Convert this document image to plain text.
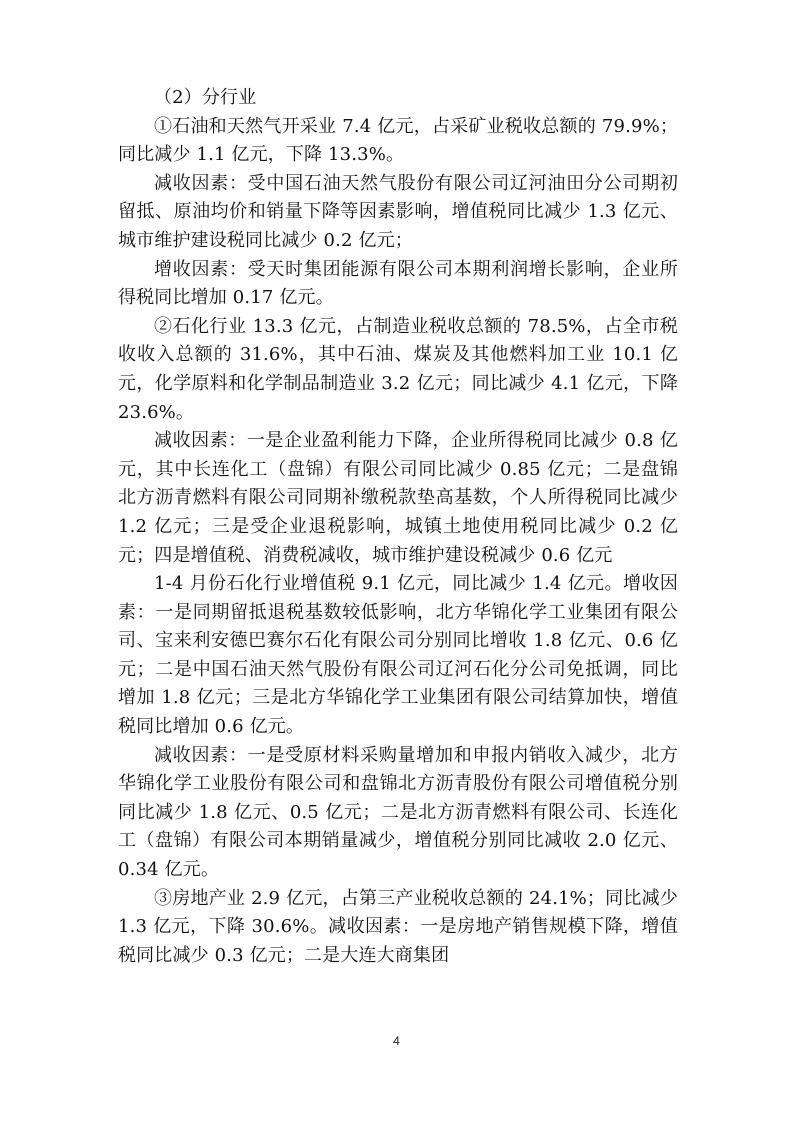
（2）分行业

①石油和天然气开采业 7.4 亿元，占采矿业税收总额的 79.9%；同比减少 1.1 亿元，下降 13.3%。

减收因素：受中国石油天然气股份有限公司辽河油田分公司期初留抵、原油均价和销量下降等因素影响，增值税同比减少 1.3 亿元、城市维护建设税同比减少 0.2 亿元；

增收因素：受天时集团能源有限公司本期利润增长影响，企业所得税同比增加 0.17 亿元。

②石化行业 13.3 亿元，占制造业税收总额的 78.5%，占全市税收收入总额的 31.6%，其中石油、煤炭及其他燃料加工业 10.1 亿元，化学原料和化学制品制造业 3.2 亿元；同比减少 4.1 亿元，下降 23.6%。

减收因素：一是企业盈利能力下降，企业所得税同比减少 0.8 亿元，其中长连化工（盘锦）有限公司同比减少 0.85 亿元；二是盘锦北方沥青燃料有限公司同期补缴税款垫高基数，个人所得税同比减少 1.2 亿元；三是受企业退税影响，城镇土地使用税同比减少 0.2 亿元；四是增值税、消费税减收，城市维护建设税减少 0.6 亿元

1-4 月份石化行业增值税 9.1 亿元，同比减少 1.4 亿元。增收因素：一是同期留抵退税基数较低影响，北方华锦化学工业集团有限公司、宝来利安德巴赛尔石化有限公司分别同比增收 1.8 亿元、0.6 亿元；二是中国石油天然气股份有限公司辽河石化分公司免抵调，同比增加 1.8 亿元；三是北方华锦化学工业集团有限公司结算加快，增值税同比增加 0.6 亿元。

减收因素：一是受原材料采购量增加和申报内销收入减少，北方华锦化学工业股份有限公司和盘锦北方沥青股份有限公司增值税分别同比减少 1.8 亿元、0.5 亿元；二是北方沥青燃料有限公司、长连化工（盘锦）有限公司本期销量减少，增值税分别同比减收 2.0 亿元、0.34 亿元。

③房地产业 2.9 亿元，占第三产业税收总额的 24.1%；同比减少 1.3 亿元，下降 30.6%。减收因素：一是房地产销售规模下降，增值税同比减少 0.3 亿元；二是大连大商集团

4
